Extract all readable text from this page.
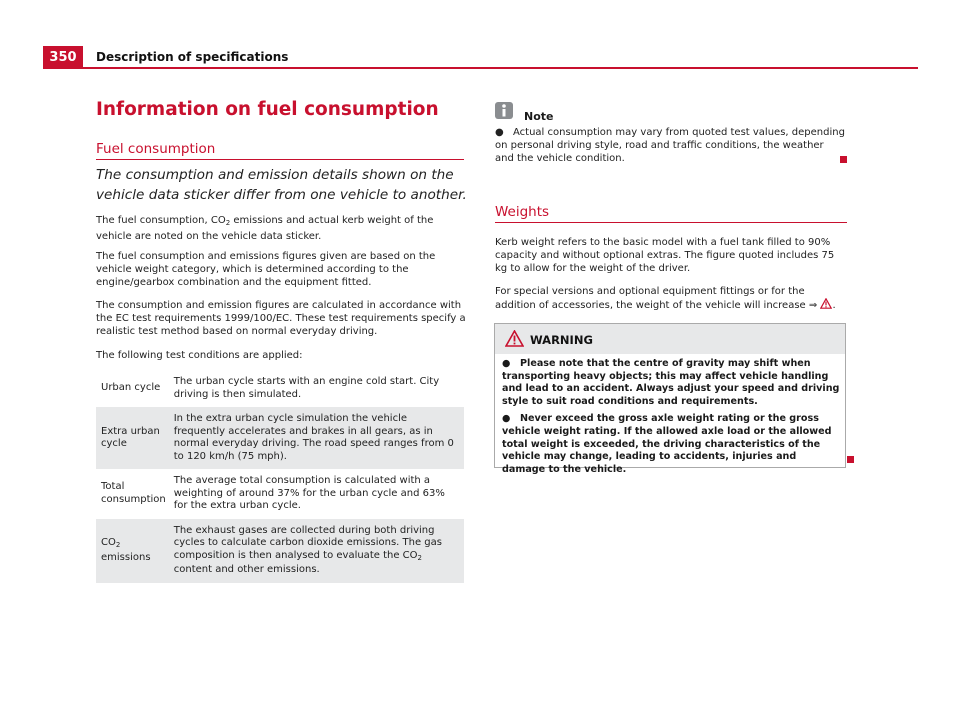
350	Description of specifications
Information on fuel consumption
Fuel consumption
The consumption and emission details shown on the vehicle data sticker differ from one vehicle to another.
The fuel consumption, $CO_2$ emissions and actual kerb weight of the vehicle are noted on the vehicle data sticker.
The fuel consumption and emissions figures given are based on the vehicle weight category, which is determined according to the engine/gearbox combination and the equipment fitted.
The consumption and emission figures are calculated in accordance with the EC test requirements 1999/100/EC. These test requirements specify a realistic test method based on normal everyday driving.
The following test conditions are applied:
Urban cycle	The urban cycle starts with an engine cold start. City driving is then simulated.
Extra urban cycle	In the extra urban cycle simulation the vehicle frequently accelerates and brakes in all gears, as in normal everyday driving. The road speed ranges from 0 to 120 km/h (75 mph).
Total consumption	The average total consumption is calculated with a weighting of around 37% for the urban cycle and 63% for the extra urban cycle.
$CO_2$ emissions	The exhaust gases are collected during both driving cycles to calculate carbon dioxide emissions. The gas composition is then analysed to evaluate the $CO_2$ content and other emissions.
Note
● Actual consumption may vary from quoted test values, depending on personal driving style, road and traffic conditions, the weather and the vehicle condition.
Weights
Kerb weight refers to the basic model with a fuel tank filled to 90% capacity and without optional extras. The figure quoted includes 75 kg to allow for the weight of the driver.
For special versions and optional equipment fittings or for the addition of accessories, the weight of the vehicle will increase ⇒ .
WARNING

● Please note that the centre of gravity may shift when transporting heavy objects; this may affect vehicle handling and lead to an accident. Always adjust your speed and driving style to suit road conditions and requirements.

● Never exceed the gross axle weight rating or the gross vehicle weight rating. If the allowed axle load or the allowed total weight is exceeded, the driving characteristics of the vehicle may change, leading to accidents, injuries and damage to the vehicle.
